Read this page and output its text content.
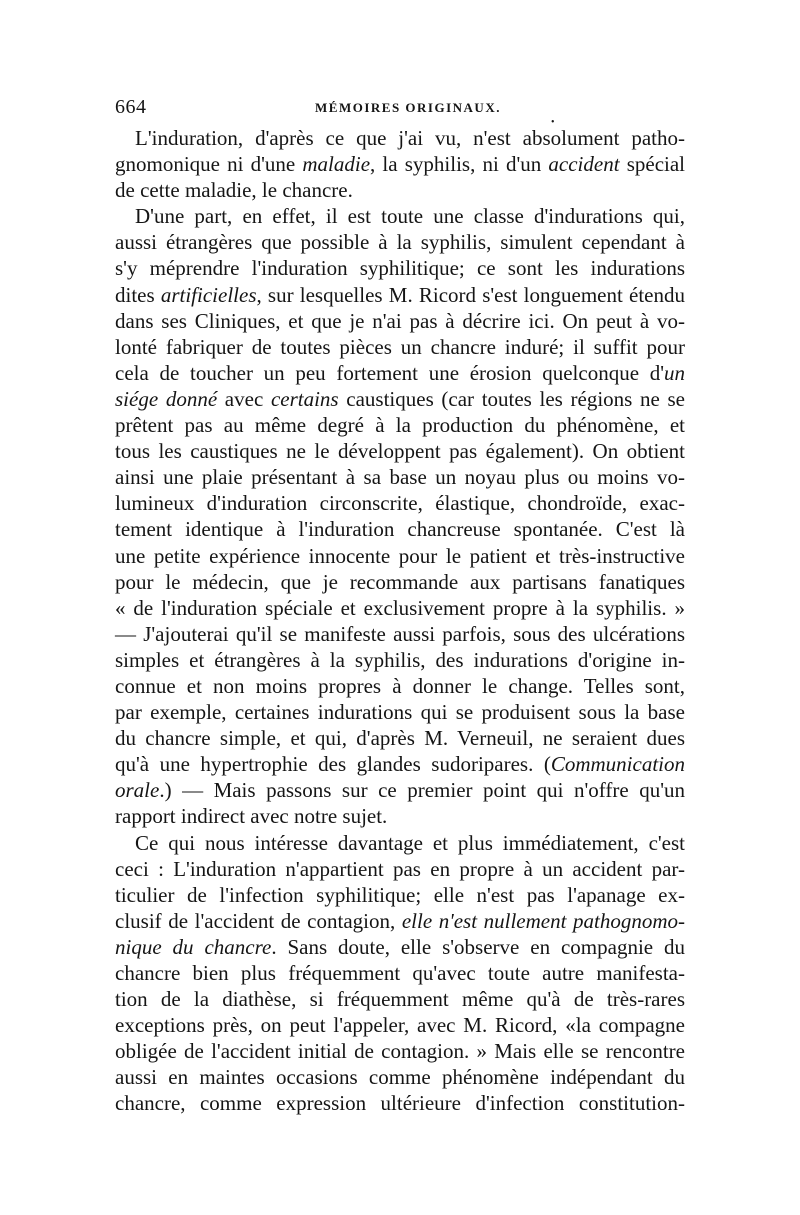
664	MÉMOIRES ORIGINAUX.
•
L'induration, d'après ce que j'ai vu, n'est absolument patho-
gnomonique ni d'une maladie, la syphilis, ni d'un accident spécial
de cette maladie, le chancre.
D'une part, en effet, il est toute une classe d'indurations qui,
aussi étrangères que possible à la syphilis, simulent cependant à
s'y méprendre l'induration syphilitique; ce sont les indurations
dites artificielles, sur lesquelles M. Ricord s'est longuement étendu
dans ses Cliniques, et que je n'ai pas à décrire ici. On peut à vo-
lonté fabriquer de toutes pièces un chancre induré; il suffit pour
cela de toucher un peu fortement une érosion quelconque d'un
siége donné avec certains caustiques (car toutes les régions ne se
prêtent pas au même degré à la production du phénomène, et
tous les caustiques ne le développent pas également). On obtient
ainsi une plaie présentant à sa base un noyau plus ou moins vo-
lumineux d'induration circonscrite, élastique, chondroïde, exac-
tement identique à l'induration chancreuse spontanée. C'est là
une petite expérience innocente pour le patient et très-instructive
pour le médecin, que je recommande aux partisans fanatiques
« de l'induration spéciale et exclusivement propre à la syphilis. »
— J'ajouterai qu'il se manifeste aussi parfois, sous des ulcérations
simples et étrangères à la syphilis, des indurations d'origine in-
connue et non moins propres à donner le change. Telles sont,
par exemple, certaines indurations qui se produisent sous la base
du chancre simple, et qui, d'après M. Verneuil, ne seraient dues
qu'à une hypertrophie des glandes sudoripares. (Communication
orale.) — Mais passons sur ce premier point qui n'offre qu'un
rapport indirect avec notre sujet.
Ce qui nous intéresse davantage et plus immédiatement, c'est
ceci : L'induration n'appartient pas en propre à un accident par-
ticulier de l'infection syphilitique; elle n'est pas l'apanage ex-
clusif de l'accident de contagion, elle n'est nullement pathognomo-
nique du chancre. Sans doute, elle s'observe en compagnie du
chancre bien plus fréquemment qu'avec toute autre manifesta-
tion de la diathèse, si fréquemment même qu'à de très-rares
exceptions près, on peut l'appeler, avec M. Ricord, «la compagne
obligée de l'accident initial de contagion. » Mais elle se rencontre
aussi en maintes occasions comme phénomène indépendant du
chancre, comme expression ultérieure d'infection constitution-
